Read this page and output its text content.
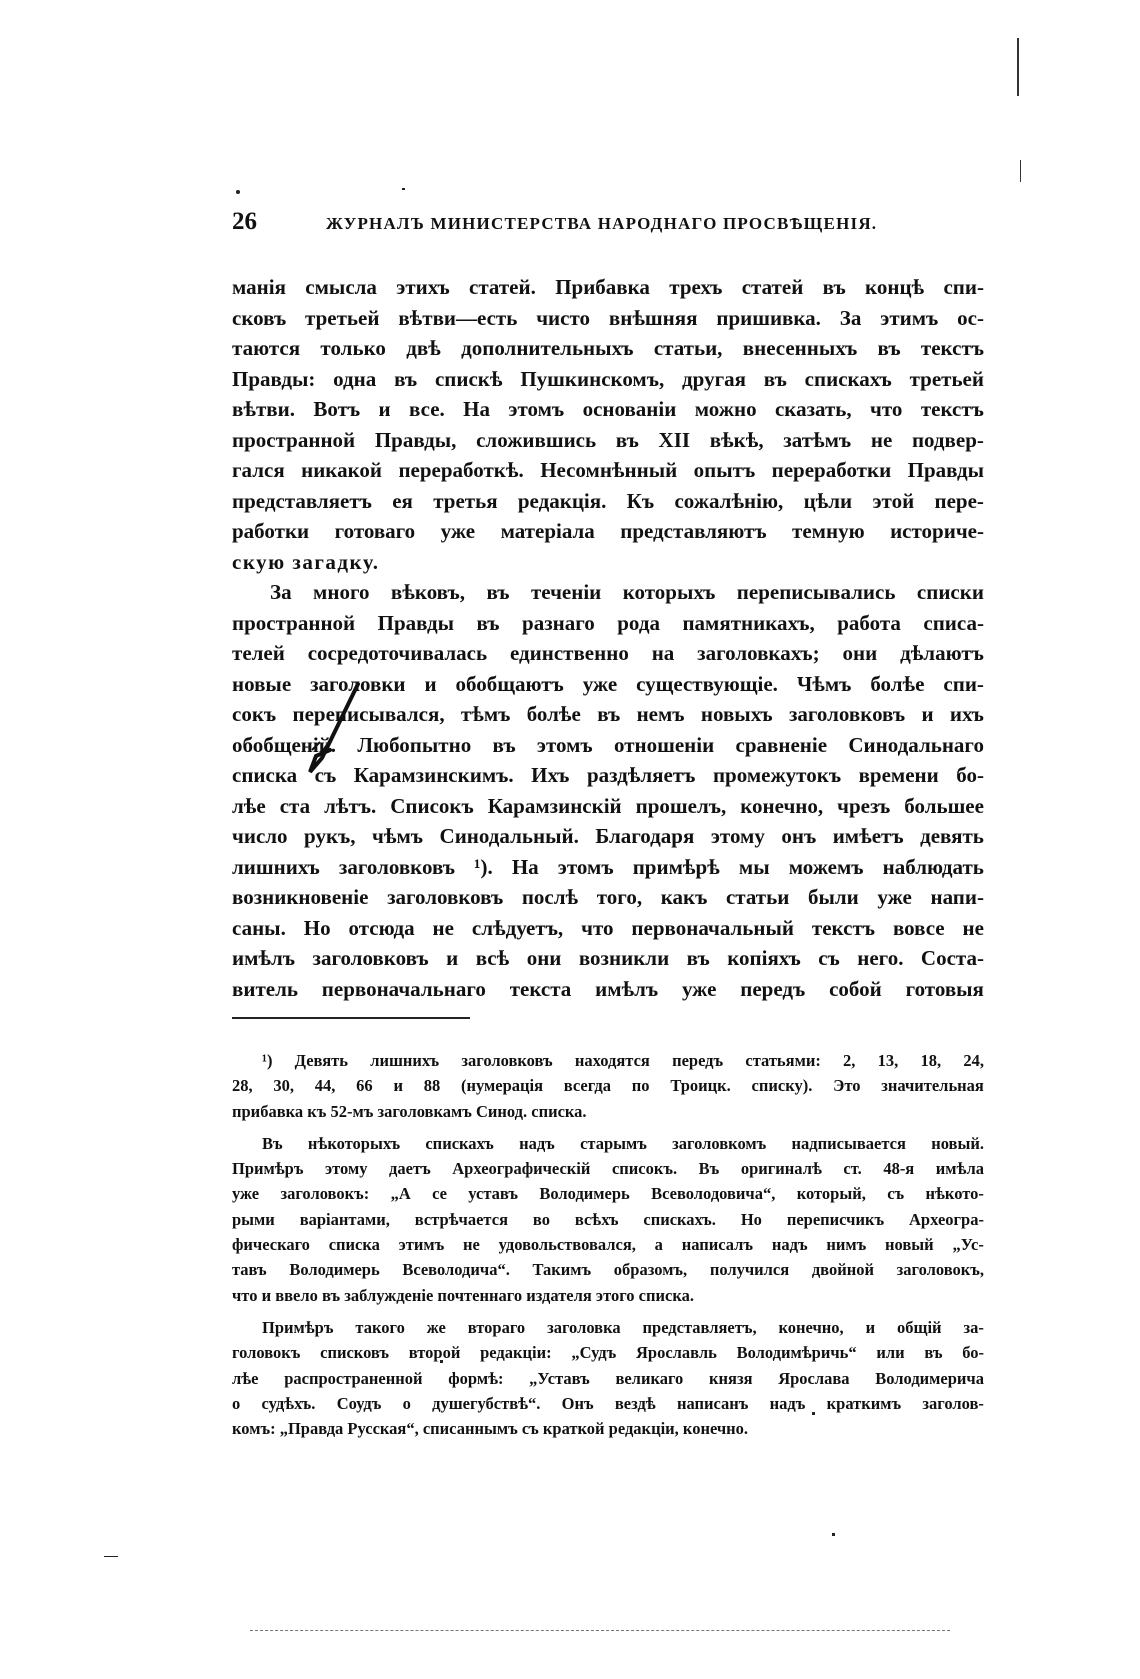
26	ЖУРНАЛЪ МИНИСТЕРСТВА НАРОДНАГО ПРОСВѢЩЕНІЯ.
манія смысла этихъ статей. Прибавка трехъ статей въ концѣ спи-
сковъ третьей вѣтви—есть чисто внѣшняя пришивка. За этимъ ос-
таются только двѣ дополнительныхъ статьи, внесенныхъ въ текстъ
Правды: одна въ спискѣ Пушкинскомъ, другая въ спискахъ третьей
вѣтви. Вотъ и все. На этомъ основаніи можно сказать, что текстъ
пространной Правды, сложившись въ XII вѣкѣ, затѣмъ не подвер-
гался никакой переработкѣ. Несомнѣнный опытъ переработки Правды
представляетъ ея третья редакція. Къ сожалѣнію, цѣли этой пере-
работки готоваго уже матеріала представляютъ темную историче-
скую загадку.
За много вѣковъ, въ теченіи которыхъ переписывались списки
пространной Правды въ разнаго рода памятникахъ, работа списа-
телей сосредоточивалась единственно на заголовкахъ; они дѣлаютъ
новые заголовки и обобщаютъ уже существующіе. Чѣмъ болѣе спи-
сокъ переписывался, тѣмъ болѣе въ немъ новыхъ заголовковъ и ихъ
обобщеній. Любопытно въ этомъ отношеніи сравненіе Синодальнаго
списка съ Карамзинскимъ. Ихъ раздѣляетъ промежутокъ времени бо-
лѣе ста лѣтъ. Списокъ Карамзинскій прошелъ, конечно, чрезъ большее
число рукъ, чѣмъ Синодальный. Благодаря этому онъ имѣетъ девять
лишнихъ заголовковъ ¹). На этомъ примѣрѣ мы можемъ наблюдать
возникновеніе заголовковъ послѣ того, какъ статьи были уже напи-
саны. Но отсюда не слѣдуетъ, что первоначальный текстъ вовсе не
имѣлъ заголовковъ и всѣ они возникли въ копіяхъ съ него. Соста-
витель первоначальнаго текста имѣлъ уже передъ собой готовыя
¹) Девять лишнихъ заголовковъ находятся передъ статьями: 2, 13, 18, 24,
28, 30, 44, 66 и 88 (нумерація всегда по Троицк. списку). Это значительная
прибавка къ 52-мъ заголовкамъ Синод. списка.
Въ нѣкоторыхъ спискахъ надъ старымъ заголовкомъ надписывается новый.
Примѣръ этому даетъ Археографическій списокъ. Въ оригиналѣ ст. 48-я имѣла
уже заголовокъ: „А се уставъ Володимерь Всеволодовича“, который, съ нѣкото-
рыми варіантами, встрѣчается во всѣхъ спискахъ. Но переписчикъ Археогра-
фическаго списка этимъ не удовольствовался, а написалъ надъ нимъ новый „Ус-
тавъ Володимерь Всеволодича“. Такимъ образомъ, получился двойной заголовокъ,
что и ввело въ заблужденіе почтеннаго издателя этого списка.
Примѣръ такого же втораго заголовка представляетъ, конечно, и общій за-
головокъ списковъ второй редакціи: „Судъ Ярославль Володимѣричь“ или въ бо-
лѣе распространенной формѣ: „Уставъ великаго князя Ярослава Володимерича
о судѣхъ. Соудъ о душегубствѣ“. Онъ вездѣ написанъ надъ краткимъ заголов-
комъ: „Правда Русская“, списаннымъ съ краткой редакціи, конечно.
